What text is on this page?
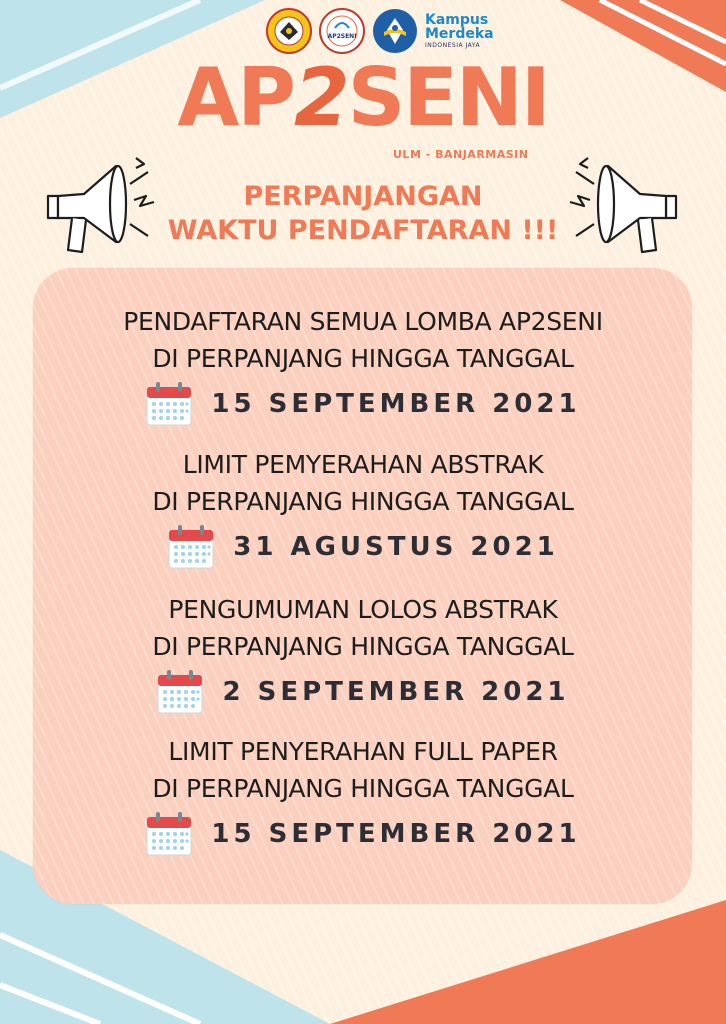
AP2SENI
Kampus
Merdeka
INDONESIA JAYA
AP2SENI
ULM - BANJARMASIN
PERPANJANGAN
WAKTU PENDAFTARAN !!!
PENDAFTARAN SEMUA LOMBA AP2SENI
DI PERPANJANG HINGGA TANGGAL
15 SEPTEMBER 2021
LIMIT PEMYERAHAN ABSTRAK
DI PERPANJANG HINGGA TANGGAL
31 AGUSTUS 2021
PENGUMUMAN LOLOS ABSTRAK
DI PERPANJANG HINGGA TANGGAL
2 SEPTEMBER 2021
LIMIT PENYERAHAN FULL PAPER
DI PERPANJANG HINGGA TANGGAL
15 SEPTEMBER 2021
